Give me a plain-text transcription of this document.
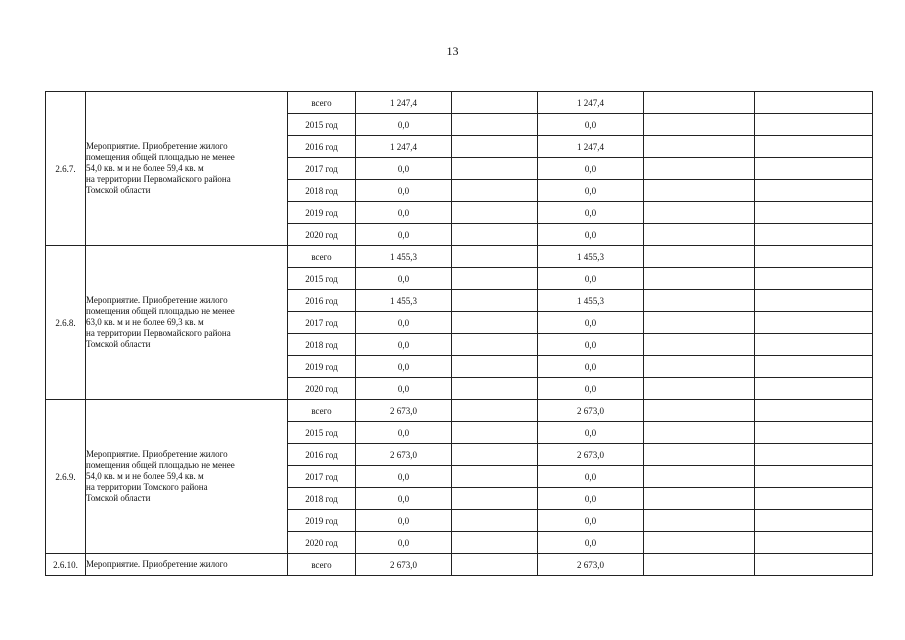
13
2.6.7.	Мероприятие. Приобретение жилого
помещения общей площадью не менее
54,0 кв. м и не более 59,4 кв. м
на территории Первомайского района
Томской области	всего	1 247,4		1 247,4		
		2015 год	0,0		0,0		
		2016 год	1 247,4		1 247,4		
		2017 год	0,0		0,0		
		2018 год	0,0		0,0		
		2019 год	0,0		0,0		
		2020 год	0,0		0,0		
2.6.8.	Мероприятие. Приобретение жилого
помещения общей площадью не менее
63,0 кв. м и не более 69,3 кв. м
на территории Первомайского района
Томской области	всего	1 455,3		1 455,3		
		2015 год	0,0		0,0		
		2016 год	1 455,3		1 455,3		
		2017 год	0,0		0,0		
		2018 год	0,0		0,0		
		2019 год	0,0		0,0		
		2020 год	0,0		0,0		
2.6.9.	Мероприятие. Приобретение жилого
помещения общей площадью не менее
54,0 кв. м и не более 59,4 кв. м
на территории Томского района
Томской области	всего	2 673,0		2 673,0		
		2015 год	0,0		0,0		
		2016 год	2 673,0		2 673,0		
		2017 год	0,0		0,0		
		2018 год	0,0		0,0		
		2019 год	0,0		0,0		
		2020 год	0,0		0,0		
2.6.10.	Мероприятие. Приобретение жилого	всего	2 673,0		2 673,0		
